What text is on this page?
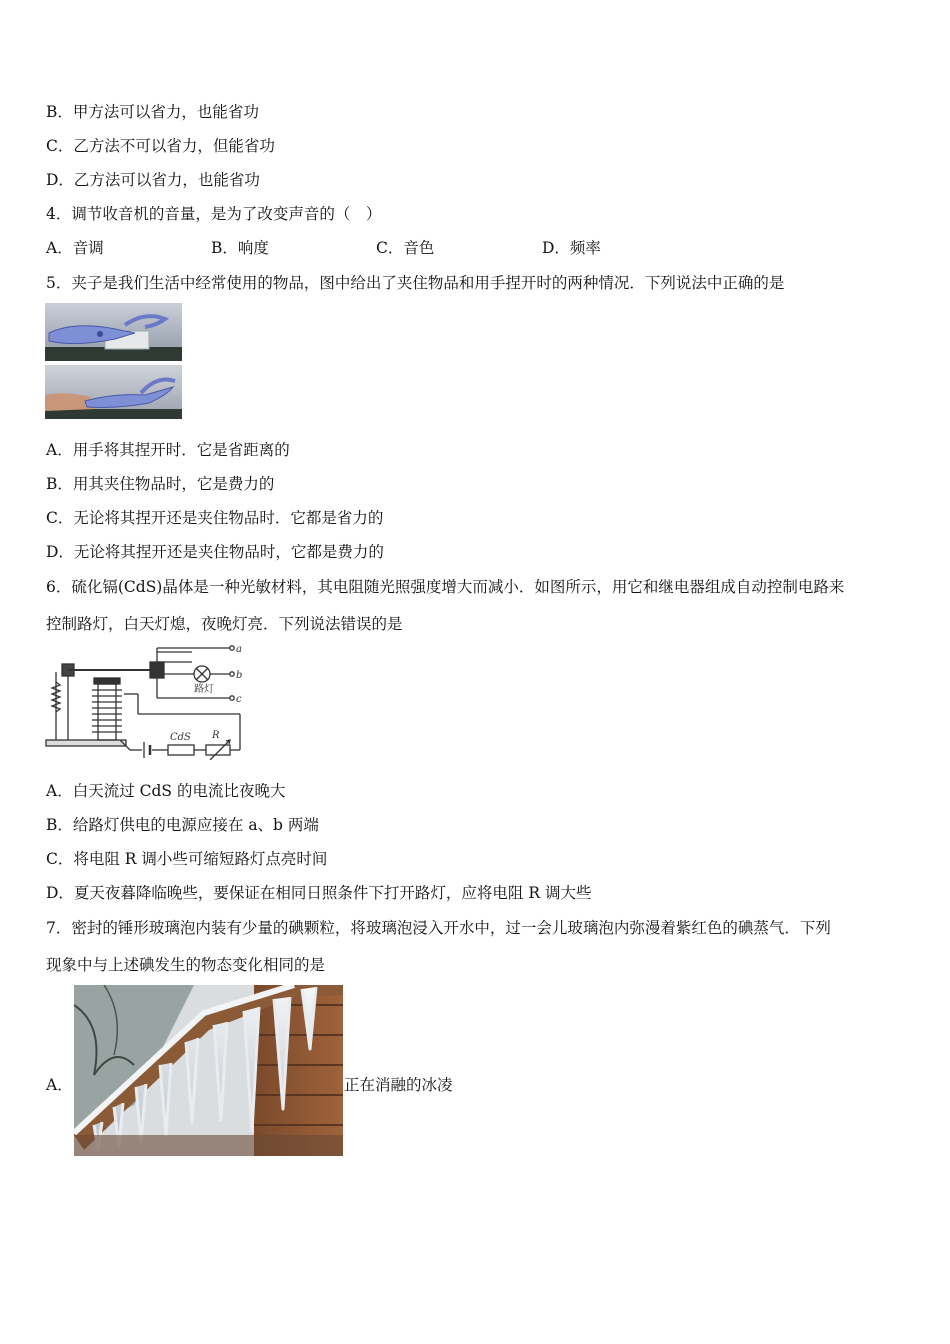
B．甲方法可以省力，也能省功
C．乙方法不可以省力，但能省功
D．乙方法可以省力，也能省功
4．调节收音机的音量，是为了改变声音的（　）
A．音调	B．响度	C．音色	D．频率
5．夹子是我们生活中经常使用的物品，图中给出了夹住物品和用手捏开时的两种情况．下列说法中正确的是
A．用手将其捏开时．它是省距离的
B．用其夹住物品时，它是费力的
C．无论将其捏开还是夹住物品时．它都是省力的
D．无论将其捏开还是夹住物品时，它都是费力的
6．硫化镉(CdS)晶体是一种光敏材料，其电阻随光照强度增大而减小．如图所示，用它和继电器组成自动控制电路来
控制路灯，白天灯熄，夜晚灯亮．下列说法错误的是
a
b
c
路灯
CdS R
A．白天流过 CdS 的电流比夜晚大
B．给路灯供电的电源应接在 a、b 两端
C．将电阻 R 调小些可缩短路灯点亮时间
D．夏天夜暮降临晚些，要保证在相同日照条件下打开路灯，应将电阻 R 调大些
7．密封的锤形玻璃泡内装有少量的碘颗粒，将玻璃泡浸入开水中，过一会儿玻璃泡内弥漫着紫红色的碘蒸气．下列
现象中与上述碘发生的物态变化相同的是
A．	正在消融的冰凌
